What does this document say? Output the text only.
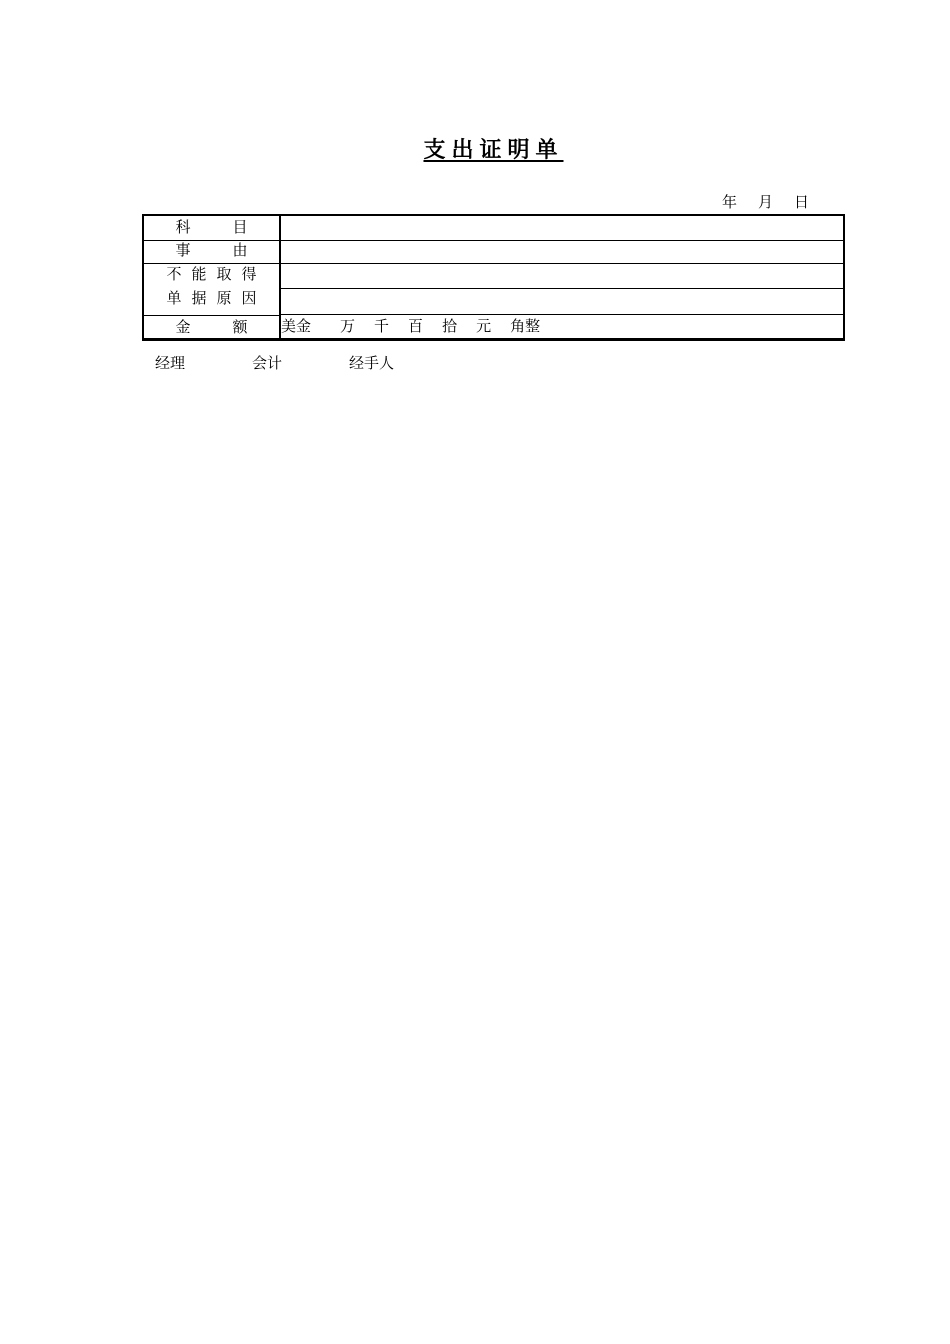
支出证明单
年 月 日
科 目
事 由
不 能 取 得
单 据 原 因
金 额 美金 万 千 百 拾 元 角整
经理	会计	经手人
